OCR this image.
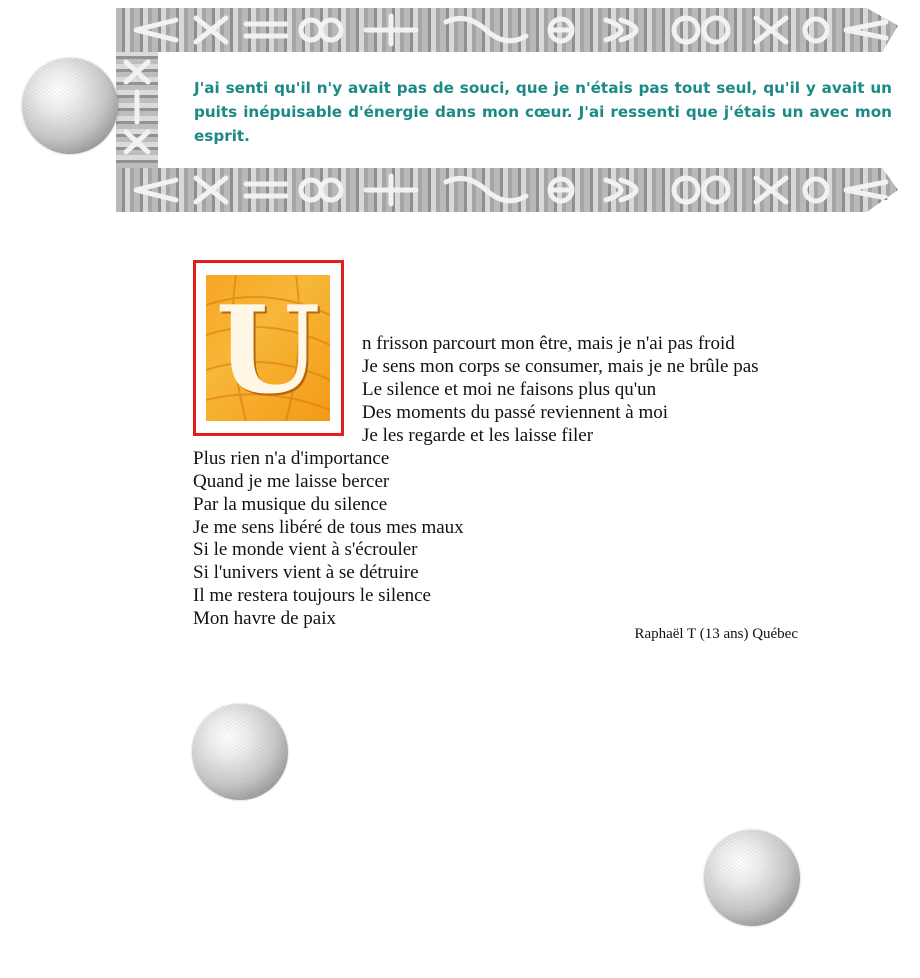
J'ai senti qu'il n'y avait pas de souci, que je n'étais pas tout seul, qu'il y avait un puits inépuisable d'énergie dans mon cœur. J'ai ressenti que j'étais un avec mon esprit.

U	n frisson parcourt mon être, mais je n'ai pas froid

Je sens mon corps se consumer, mais je ne brûle pas

Le silence et moi ne faisons plus qu'un

Des moments du passé reviennent à moi

Je les regarde et les laisse filer

Plus rien n'a d'importance

Quand je me laisse bercer

Par la musique du silence

Je me sens libéré de tous mes maux

Si le monde vient à s'écrouler

Si l'univers vient à se détruire

Il me restera toujours le silence

Mon havre de paix

Raphaël T (13 ans) Québec
